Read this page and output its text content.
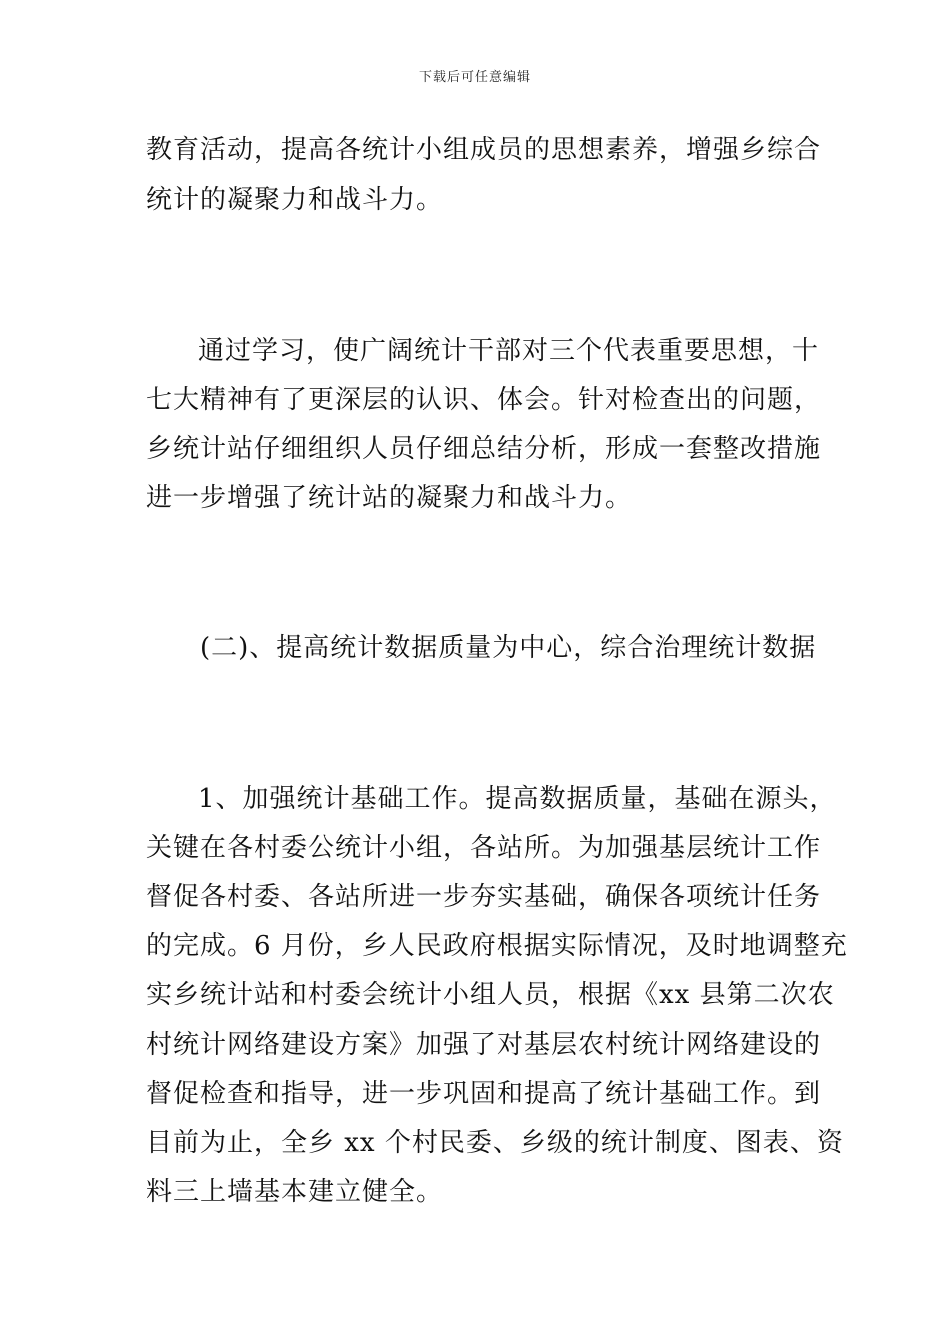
下载后可任意编辑
教育活动，提高各统计小组成员的思想素养，增强乡综合
统计的凝聚力和战斗力。
通过学习，使广阔统计干部对三个代表重要思想，十
七大精神有了更深层的认识、体会。针对检查出的问题，
乡统计站仔细组织人员仔细总结分析，形成一套整改措施
进一步增强了统计站的凝聚力和战斗力。
(二)、提高统计数据质量为中心，综合治理统计数据
1、加强统计基础工作。提高数据质量，基础在源头，
关键在各村委公统计小组，各站所。为加强基层统计工作
督促各村委、各站所进一步夯实基础，确保各项统计任务
的完成。6 月份，乡人民政府根据实际情况，及时地调整充
实乡统计站和村委会统计小组人员，根据《xx 县第二次农
村统计网络建设方案》加强了对基层农村统计网络建设的
督促检查和指导，进一步巩固和提高了统计基础工作。到
目前为止，全乡 xx 个村民委、乡级的统计制度、图表、资
料三上墙基本建立健全。
